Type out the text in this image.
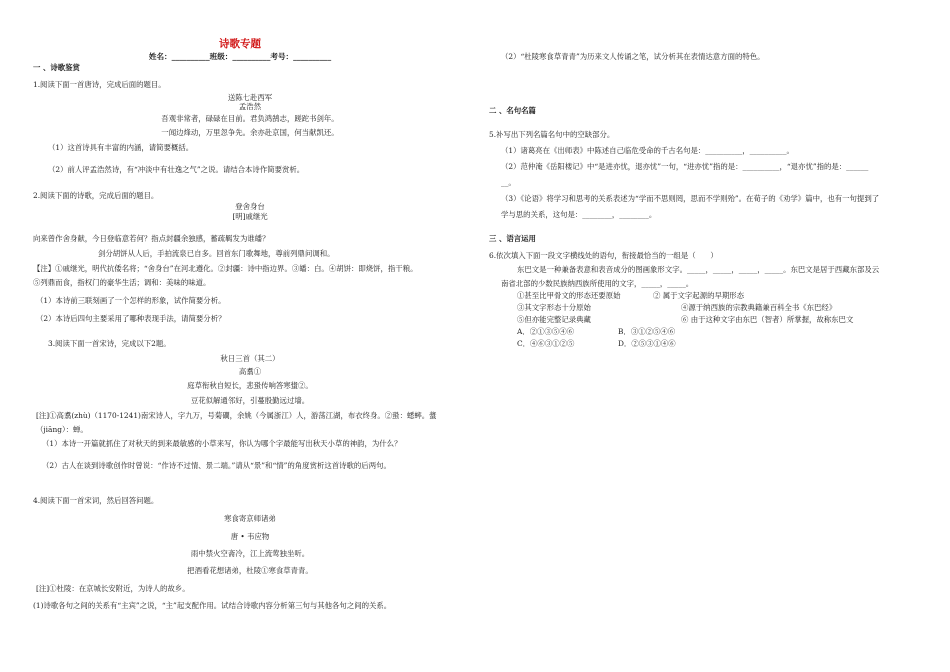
诗歌专题
姓名：__________班级：__________考号：__________
一 、诗歌鉴赏
1.阅读下面一首唐诗，完成后面的题目。
送陈七赴西军
孟浩然
吾观非常者，碌碌在目前。君负鸿鹄志，蹉跎书剑年。
一闻边烽动，万里忽争先。余亦赴京国，何当献凯还。
（1）这首诗具有丰富的内涵，请简要概括。
（2）前人评孟浩然诗，有“冲淡中有壮逸之气”之说。请结合本诗作简要赏析。
2.阅读下面的诗歌，完成后面的题目。
登舍身台
[明]戚继光
向来曾作舍身献，今日登临意若何？指点封疆余独感，蓄疏羁发为谁皤？
剑分胡饼从人后，手拍流泉已自多。回首东门歌舞地，尊前列鼎问调和。
【注】①戚继光，明代抗倭名将；“舍身台”在河北遵化。②封疆：诗中指边界。③皤：白。④胡饼：即烧饼，指干粮。
⑤列鼎而食，指权门的豪华生活；调和：美味的味道。
（1）本诗前三联刻画了一个怎样的形象，试作简要分析。
（2）本诗后四句主要采用了哪种表现手法，请简要分析？
3.阅读下面一首宋诗，完成以下2题。
秋日三首（其二）
高翥①
庭草衔秋自短长，悲蛩传响答寒螀②。
豆花似解通邻好，引蔓殷勤远过墙。
[注]①高翥(zhù)（1170-1241)南宋诗人，字九万，号菊磵，余姚（今属浙江）人，游荡江湖，布衣终身。②蛩：蟋蟀。螀
（jiāng）：蝉。
（1）本诗一开篇就抓住了对秋天的到来最敏感的小草来写，你认为哪个字最能写出秋天小草的神韵，为什么？
（2）古人在谈到诗歌创作时曾说：“作诗不过情、景二端。”请从“景”和“情”的角度赏析这首诗歌的后两句。
4.阅读下面一首宋词，然后回答问题。
寒食寄京师诸弟
唐 • 韦应物
雨中禁火空斋冷，江上流莺独坐听。
把酒看花想诸弟，杜陵①寒食草青青。
[注]①杜陵：在京城长安附近，为诗人的故乡。
(1)诗歌各句之间的关系有“主宾”之说，“主”起支配作用。试结合诗歌内容分析第三句与其他各句之间的关系。
（2）“杜陵寒食草青青”为历来文人传诵之笔，试分析其在表情达意方面的特色。
二 、名句名篇
5.补写出下列名篇名句中的空缺部分。
（1）诸葛亮在《出师表》中陈述自己临危受命的千古名句是：__________，__________。
（2）范仲淹《岳阳楼记》中“是进亦忧，退亦忧”一句，“进亦忧”指的是：__________，“退亦忧”指的是：______
__。
（3）《论语》将学习和思考的关系表述为“学而不思则罔，思而不学则殆”。在荀子的《劝学》篇中，也有一句提到了
学与思的关系，这句是：________，________。
三 、语言运用
6.依次填入下面一段文字横线处的语句，衔接最恰当的一组是（　　）
东巴文是一种兼备表意和表音成分的图画象形文字。_____，_____，_____，_____。东巴文是居于西藏东部及云
南省北部的少数民族纳西族所使用的文字，_____，_____。
①甚至比甲骨文的形态还要原始	② 属于文字起源的早期形态
③其文字形态十分原始	④源于纳西族的宗教典籍兼百科全书《东巴经》
⑤但亦能完整记录典藏	⑥ 由于这种文字由东巴（智者）所掌握，故称东巴文
A．②①③⑤④⑥	B．③①②⑤④⑥
C．④⑥③①②⑤	D．②⑤③①④⑥
